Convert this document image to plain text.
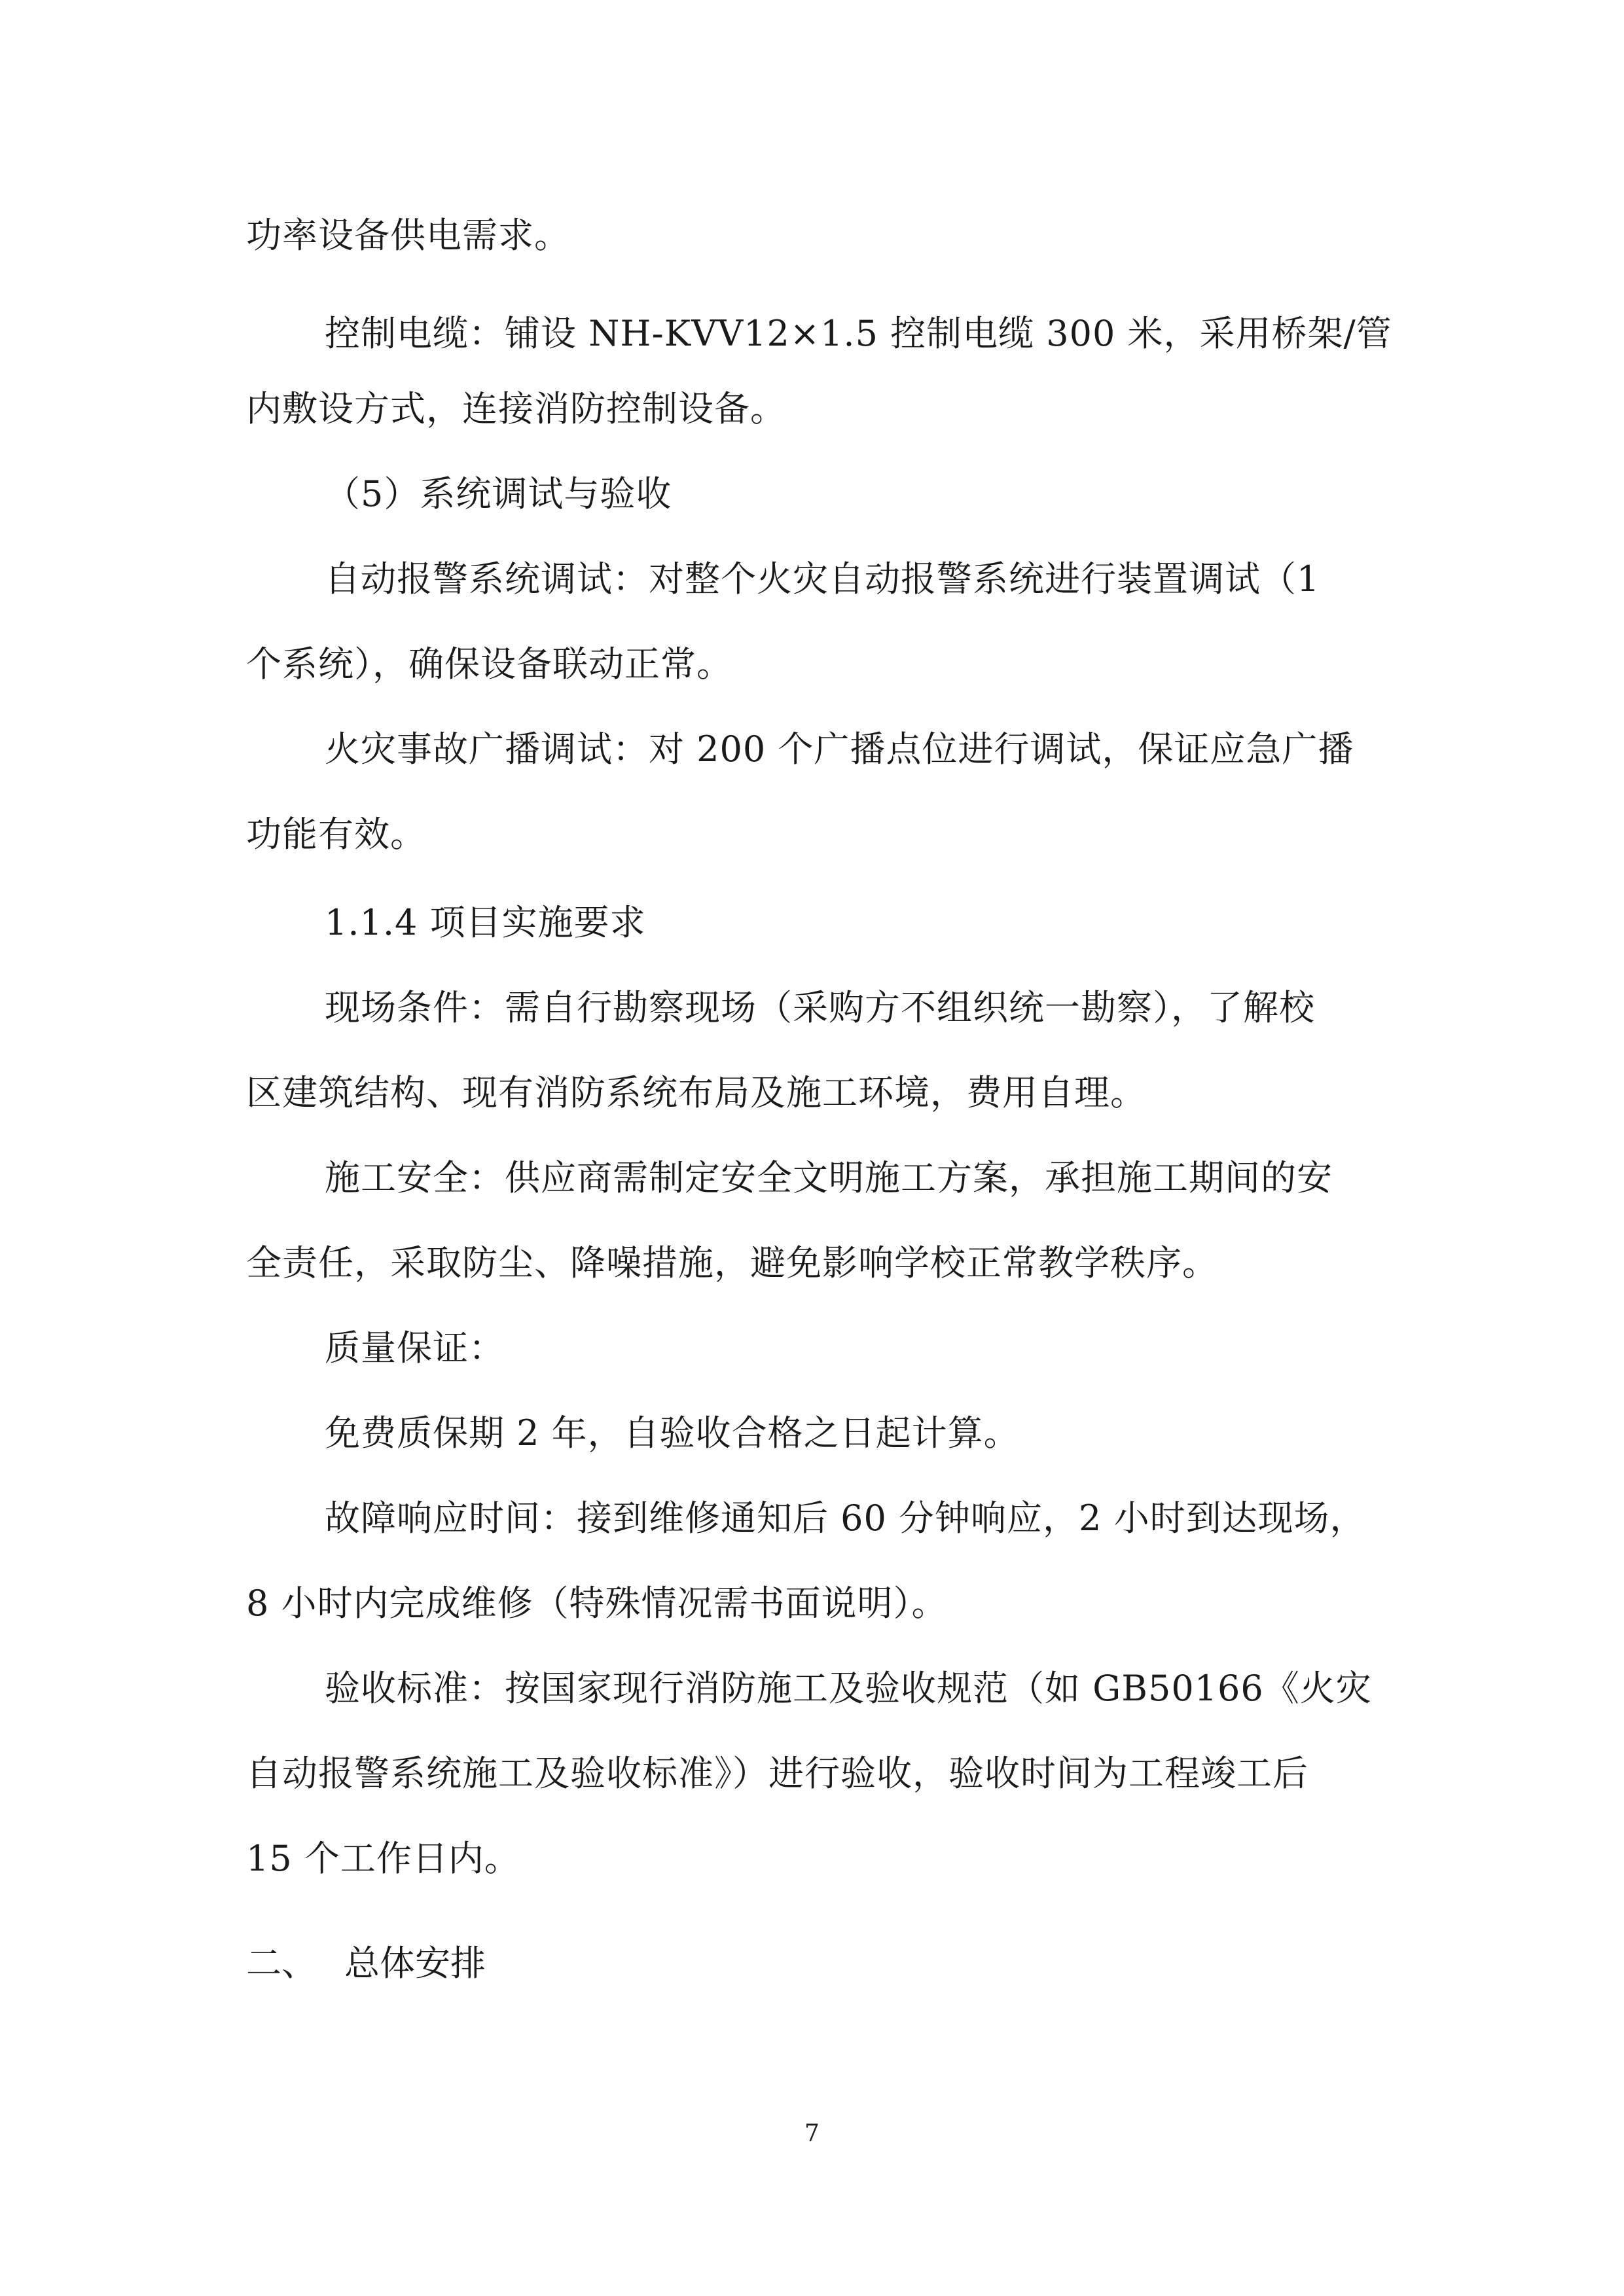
功率设备供电需求。
控制电缆：铺设 NH-KVV12×1.5 控制电缆 300 米，采用桥架/管
内敷设方式，连接消防控制设备。
（5）系统调试与验收
自动报警系统调试：对整个火灾自动报警系统进行装置调试（1
个系统），确保设备联动正常。
火灾事故广播调试：对 200 个广播点位进行调试，保证应急广播
功能有效。
1.1.4 项目实施要求
现场条件：需自行勘察现场（采购方不组织统一勘察），了解校
区建筑结构、现有消防系统布局及施工环境，费用自理。
施工安全：供应商需制定安全文明施工方案，承担施工期间的安
全责任，采取防尘、降噪措施，避免影响学校正常教学秩序。
质量保证：
免费质保期 2 年，自验收合格之日起计算。
故障响应时间：接到维修通知后 60 分钟响应，2 小时到达现场，
8 小时内完成维修（特殊情况需书面说明）。
验收标准：按国家现行消防施工及验收规范（如 GB50166《火灾
自动报警系统施工及验收标准》）进行验收，验收时间为工程竣工后
15 个工作日内。
二、 总体安排
7
